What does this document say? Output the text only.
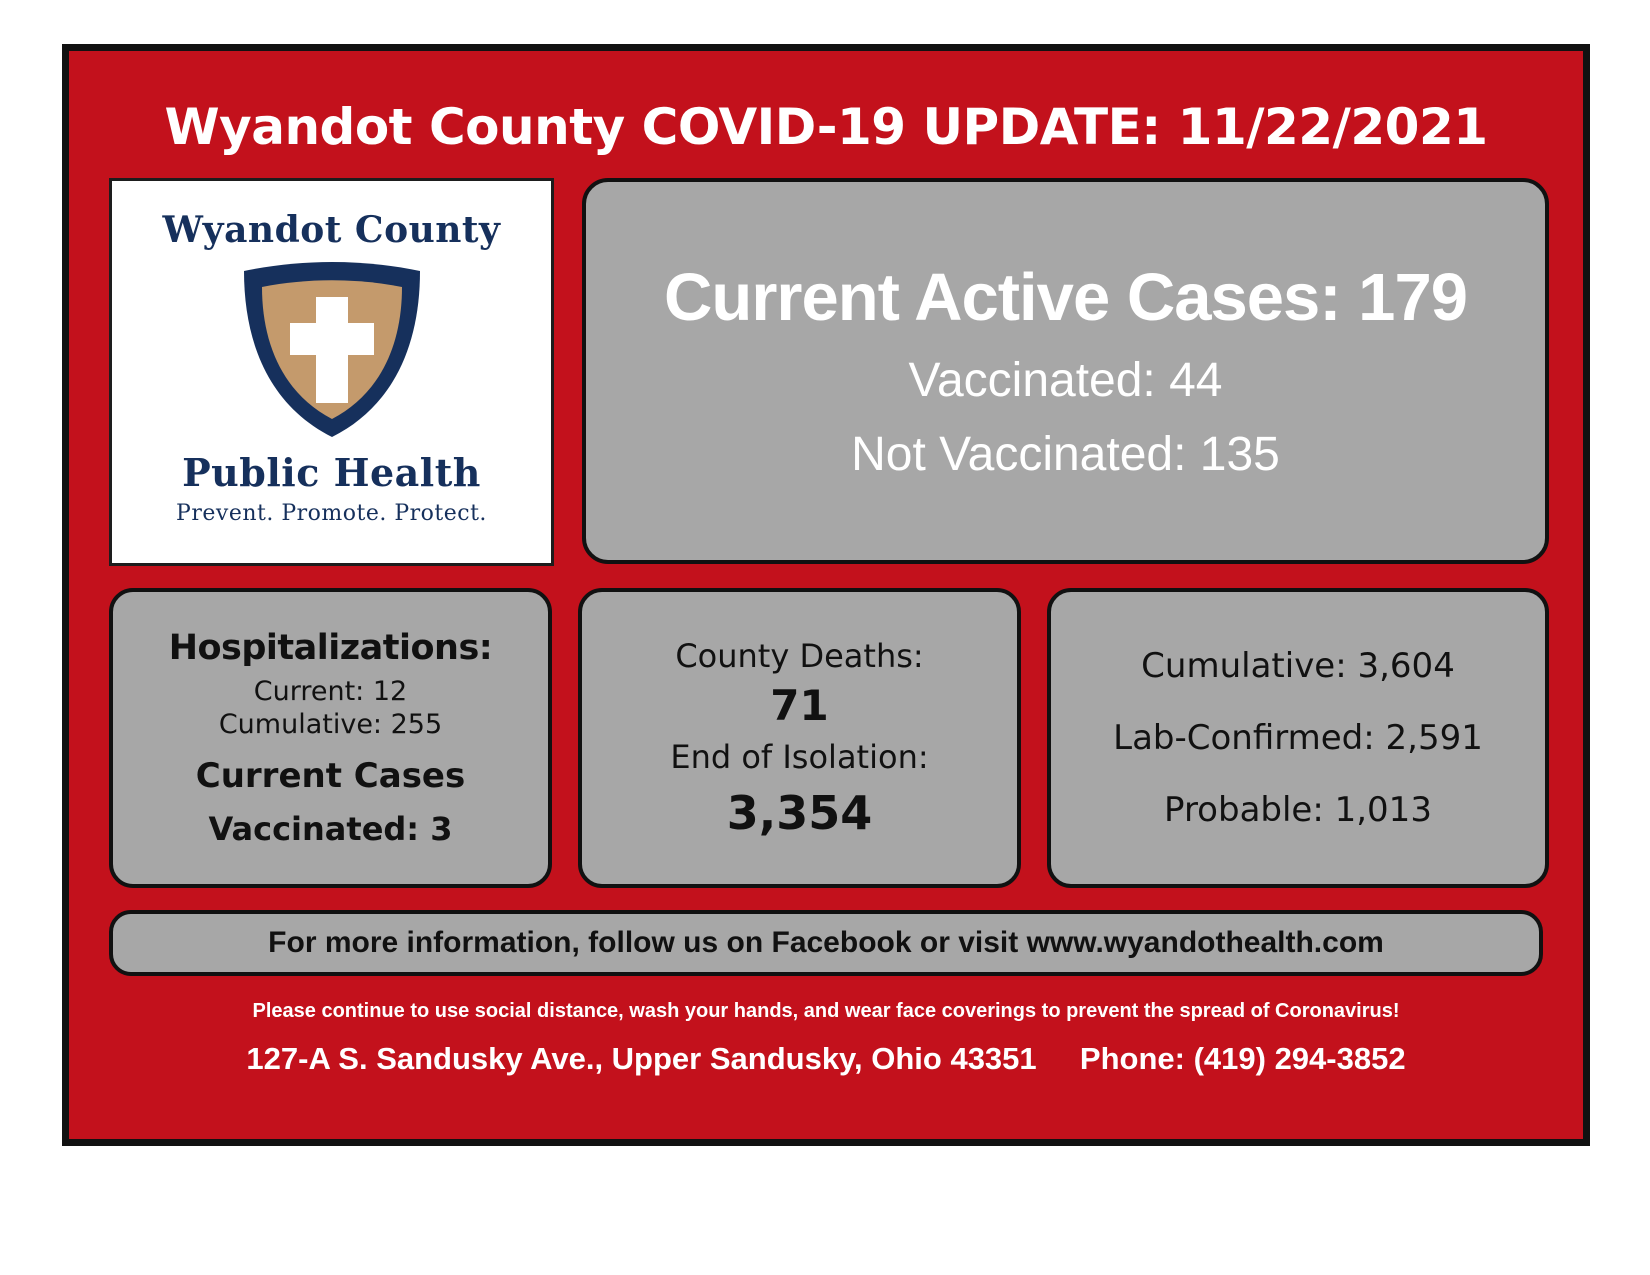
Wyandot County COVID-19 UPDATE: 11/22/2021
Wyandot County
Public Health
Prevent. Promote. Protect.
Current Active Cases: 179
Vaccinated: 44
Not Vaccinated: 135
Hospitalizations:
Current: 12
Cumulative: 255
Current Cases
Vaccinated: 3
County Deaths:
71
End of Isolation:
3,354
Cumulative: 3,604
Lab-Confirmed: 2,591
Probable: 1,013
For more information, follow us on Facebook or visit www.wyandothealth.com
Please continue to use social distance, wash your hands, and wear face coverings to prevent the spread of Coronavirus!
127-A S. Sandusky Ave., Upper Sandusky, Ohio 43351 Phone: (419) 294-3852
